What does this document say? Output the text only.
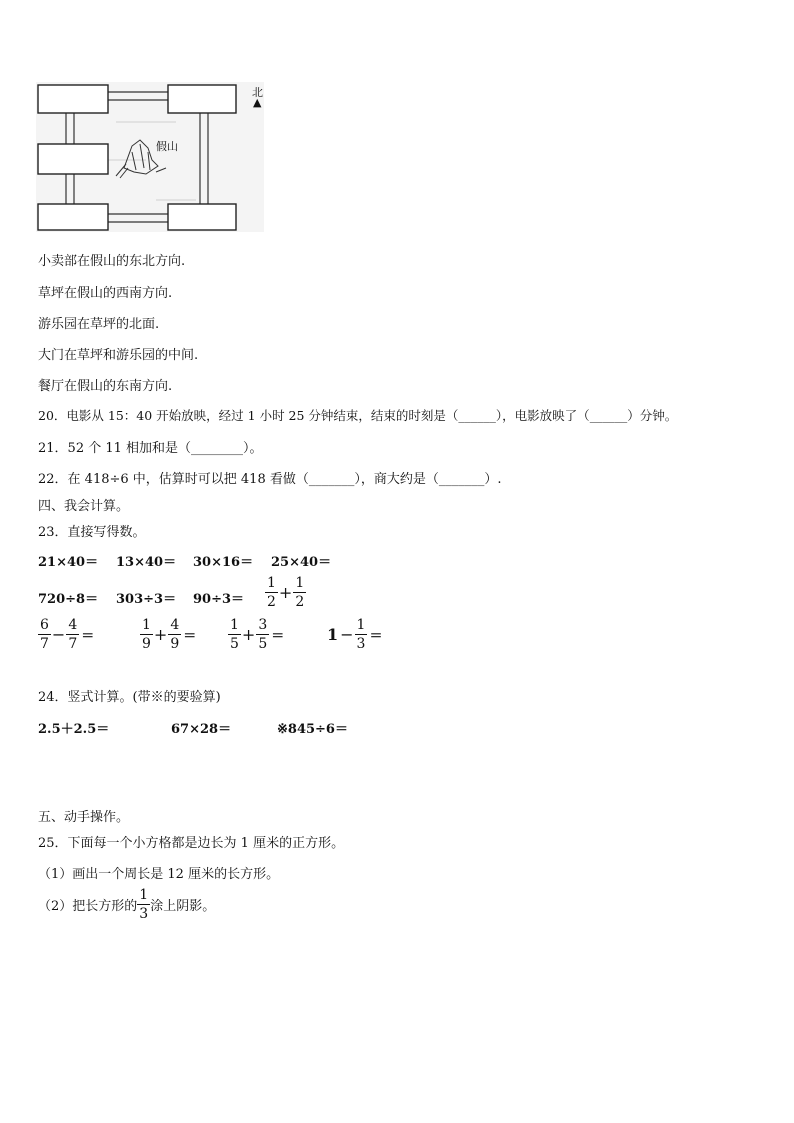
北
▲
假山
小卖部在假山的东北方向.
草坪在假山的西南方向.
游乐园在草坪的北面.
大门在草坪和游乐园的中间.
餐厅在假山的东南方向.
20．电影从 15：40 开始放映，经过 1 小时 25 分钟结束，结束的时刻是（______），电影放映了（______）分钟。
21．52 个 11 相加和是（________）。
22．在 418÷6 中，估算时可以把 418 看做（_______），商大约是（_______）.
四、我会计算。
23．直接写得数。
21×40＝ 13×40＝ 30×16＝ 25×40＝
$720\div 8= 303\div 3= 90\div 3= \frac{1}{2} + \frac{1}{2}$
$\frac{6}{7} - \frac{4}{7}$ ＝	$\frac{1}{9} + \frac{4}{9} = \frac{1}{5} + \frac{3}{5}$ ＝	$1 - \frac{1}{3}$ ＝
24．竖式计算。(带※的要验算)
2.5＋2.5＝	67×28＝	※845÷6＝
五、动手操作。
25．下面每一个小方格都是边长为 1 厘米的正方形。
（1）画出一个周长是 12 厘米的长方形。
（2）把长方形的 $\frac{1}{3}$ 涂上阴影。
